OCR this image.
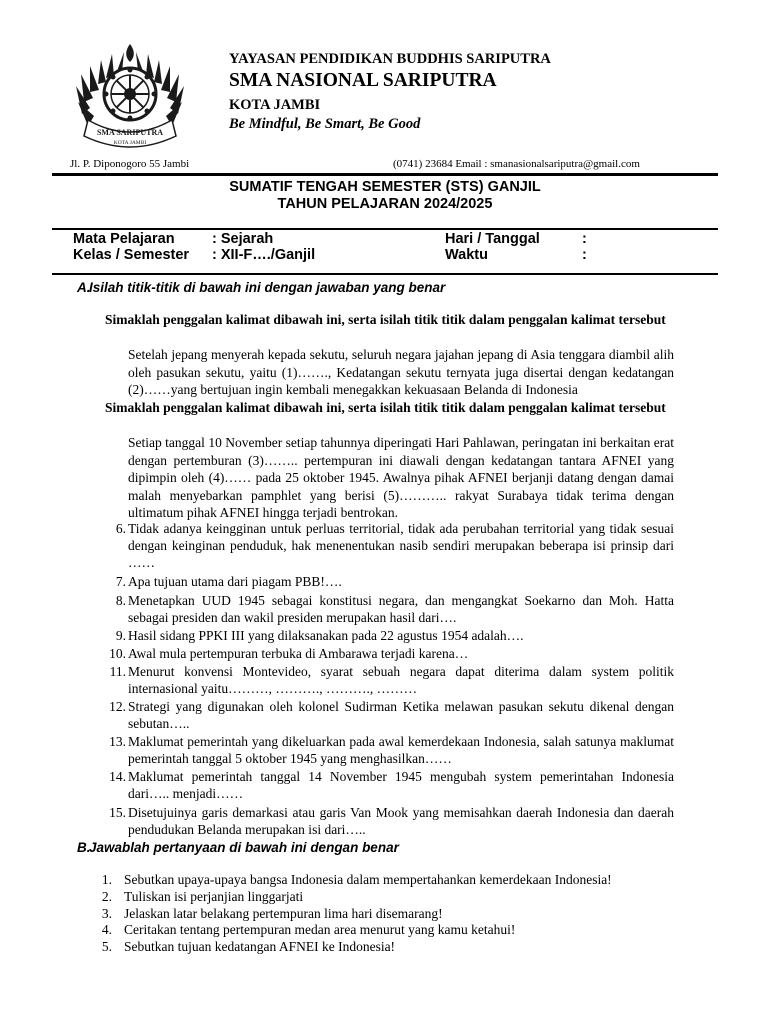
SMA SARIPUTRA
KOTA JAMBI
YAYASAN PENDIDIKAN BUDDHIS SARIPUTRA
SMA NASIONAL SARIPUTRA
KOTA JAMBI
Be Mindful, Be Smart, Be Good
Jl. P. Diponogoro 55 Jambi	(0741) 23684 Email : smanasionalsariputra@gmail.com
SUMATIF TENGAH SEMESTER (STS) GANJIL
TAHUN PELAJARAN 2024/2025
Mata Pelajaran	: Sejarah	Hari / Tanggal	:
Kelas / Semester : XII-F…./Ganjil	Waktu	:
A.
Isilah titik-titik di bawah ini dengan jawaban yang benar
Simaklah penggalan kalimat dibawah ini, serta isilah titik titik dalam penggalan kalimat tersebut
Setelah jepang menyerah kepada sekutu, seluruh negara jajahan jepang di Asia tenggara diambil alih oleh pasukan sekutu, yaitu (1)……., Kedatangan sekutu ternyata juga disertai dengan kedatangan (2)……yang bertujuan ingin kembali menegakkan kekuasaan Belanda di Indonesia
Simaklah penggalan kalimat dibawah ini, serta isilah titik titik dalam penggalan kalimat tersebut
Setiap tanggal 10 November setiap tahunnya diperingati Hari Pahlawan, peringatan ini berkaitan erat dengan pertemburan (3)…….. pertempuran ini diawali dengan kedatangan tantara AFNEI yang dipimpin oleh (4)…… pada 25 oktober 1945. Awalnya pihak AFNEI berjanji datang dengan damai malah menyebarkan pamphlet yang berisi (5)……….. rakyat Surabaya tidak terima dengan ultimatum pihak AFNEI hingga terjadi bentrokan.
6. Tidak adanya keingginan untuk perluas territorial, tidak ada perubahan territorial yang tidak sesuai dengan keinginan penduduk, hak menenentukan nasib sendiri merupakan beberapa isi prinsip dari ……
7. Apa tujuan utama dari piagam PBB!….
8. Menetapkan UUD 1945 sebagai konstitusi negara, dan mengangkat Soekarno dan Moh. Hatta sebagai presiden dan wakil presiden merupakan hasil dari….
9. Hasil sidang PPKI III yang dilaksanakan pada 22 agustus 1954 adalah….
10. Awal mula pertempuran terbuka di Ambarawa terjadi karena…
11. Menurut konvensi Montevideo, syarat sebuah negara dapat diterima dalam system politik internasional yaitu………, ………., ………., ………
12. Strategi yang digunakan oleh kolonel Sudirman Ketika melawan pasukan sekutu dikenal dengan sebutan…..
13. Maklumat pemerintah yang dikeluarkan pada awal kemerdekaan Indonesia, salah satunya maklumat pemerintah tanggal 5 oktober 1945 yang menghasilkan……
14. Maklumat pemerintah tanggal 14 November 1945 mengubah system pemerintahan Indonesia dari….. menjadi……
15. Disetujuinya garis demarkasi atau garis Van Mook yang memisahkan daerah Indonesia dan daerah pendudukan Belanda merupakan isi dari…..
B.
Jawablah pertanyaan di bawah ini dengan benar
1. Sebutkan upaya-upaya bangsa Indonesia dalam mempertahankan kemerdekaan Indonesia!
2. Tuliskan isi perjanjian linggarjati
3. Jelaskan latar belakang pertempuran lima hari disemarang!
4. Ceritakan tentang pertempuran medan area menurut yang kamu ketahui!
5. Sebutkan tujuan kedatangan AFNEI ke Indonesia!
